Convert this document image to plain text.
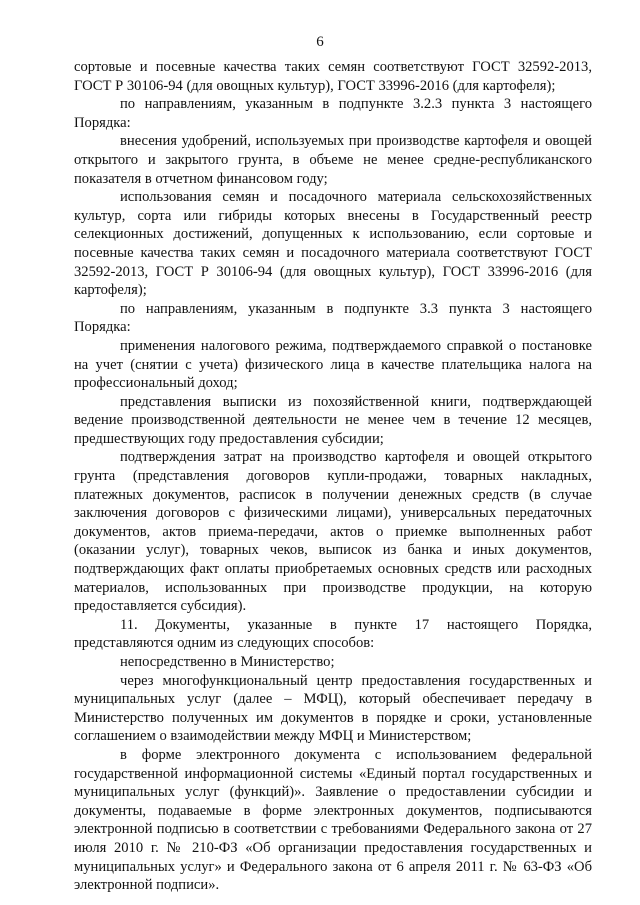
6

сортовые и посевные качества таких семян соответствуют ГОСТ 32592-2013, ГОСТ Р 30106-94 (для овощных культур), ГОСТ 33996-2016 (для картофеля);

по направлениям, указанным в подпункте 3.2.3 пункта 3 настоящего Порядка:

внесения удобрений, используемых при производстве картофеля и овощей открытого и закрытого грунта, в объеме не менее средне-республиканского показателя в отчетном финансовом году;

использования семян и посадочного материала сельскохозяйственных культур, сорта или гибриды которых внесены в Государственный реестр селекционных достижений, допущенных к использованию, если сортовые и посевные качества таких семян и посадочного материала соответствуют ГОСТ 32592-2013, ГОСТ Р 30106-94 (для овощных культур), ГОСТ 33996-2016 (для картофеля);

по направлениям, указанным в подпункте 3.3 пункта 3 настоящего Порядка:

применения налогового режима, подтверждаемого справкой о постановке на учет (снятии с учета) физического лица в качестве плательщика налога на профессиональный доход;

представления выписки из похозяйственной книги, подтверждающей ведение производственной деятельности не менее чем в течение 12 месяцев, предшествующих году предоставления субсидии;

подтверждения затрат на производство картофеля и овощей открытого грунта (представления договоров купли-продажи, товарных накладных, платежных документов, расписок в получении денежных средств (в случае заключения договоров с физическими лицами), универсальных передаточных документов, актов приема-передачи, актов о приемке выполненных работ (оказании услуг), товарных чеков, выписок из банка и иных документов, подтверждающих факт оплаты приобретаемых основных средств или расходных материалов, использованных при производстве продукции, на которую предоставляется субсидия).

11. Документы, указанные в пункте 17 настоящего Порядка, представляются одним из следующих способов:

непосредственно в Министерство;

через многофункциональный центр предоставления государственных и муниципальных услуг (далее – МФЦ), который обеспечивает передачу в Министерство полученных им документов в порядке и сроки, установленные соглашением о взаимодействии между МФЦ и Министерством;

в форме электронного документа с использованием федеральной государственной информационной системы «Единый портал государственных и муниципальных услуг (функций)». Заявление о предоставлении субсидии и документы, подаваемые в форме электронных документов, подписываются электронной подписью в соответствии с требованиями Федерального закона от 27 июля 2010 г. № 210-ФЗ «Об организации предоставления государственных и муниципальных услуг» и Федерального закона от 6 апреля 2011 г. № 63-ФЗ «Об электронной подписи».
